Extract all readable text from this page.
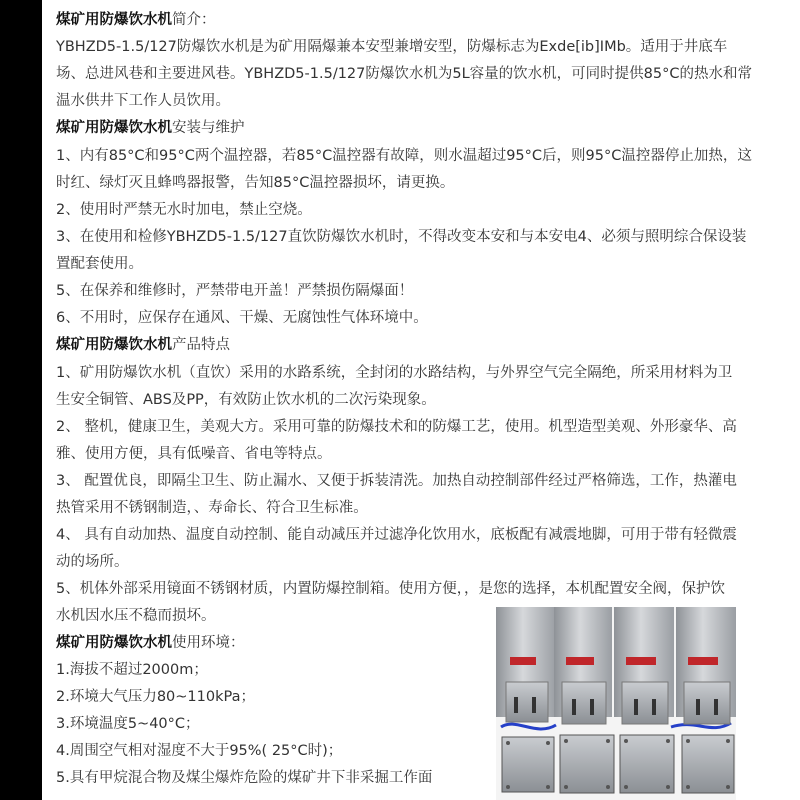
煤矿用防爆饮水机简介：
YBHZD5-1.5/127防爆饮水机是为矿用隔爆兼本安型兼增安型，防爆标志为Exde[ib]IMb。适用于井底车
场、总进风巷和主要进风巷。YBHZD5-1.5/127防爆饮水机为5L容量的饮水机，可同时提供85°C的热水和常
温水供井下工作人员饮用。
煤矿用防爆饮水机安装与维护
1、内有85°C和95°C两个温控器，若85°C温控器有故障，则水温超过95°C后，则95°C温控器停止加热，这
时红、绿灯灭且蜂鸣器报警，告知85°C温控器损坏，请更换。
2、使用时严禁无水时加电，禁止空烧。
3、在使用和检修YBHZD5-1.5/127直饮防爆饮水机时，不得改变本安和与本安电4、必须与照明综合保设装
置配套使用。
5、在保养和维修时，严禁带电开盖！严禁损伤隔爆面！
6、不用时，应保存在通风、干燥、无腐蚀性气体环境中。
煤矿用防爆饮水机产品特点
1、矿用防爆饮水机（直饮）采用的水路系统，全封闭的水路结构，与外界空气完全隔绝，所采用材料为卫
生安全铜管、ABS及PP，有效防止饮水机的二次污染现象。
2、 整机，健康卫生，美观大方。采用可靠的防爆技术和的防爆工艺，使用。机型造型美观、外形豪华、高
雅、使用方便，具有低噪音、省电等特点。
3、 配置优良，即隔尘卫生、防止漏水、又便于拆装清洗。加热自动控制部件经过严格筛选，工作，热灌电
热管采用不锈钢制造，、寿命长、符合卫生标准。
4、 具有自动加热、温度自动控制、能自动减压并过滤净化饮用水，底板配有减震地脚，可用于带有轻微震
动的场所。
5、机体外部采用镜面不锈钢材质，内置防爆控制箱。使用方便，，是您的选择，本机配置安全阀，保护饮
水机因水压不稳而损坏。
煤矿用防爆饮水机使用环境：
1.海拔不超过2000m；
2.环境大气压力80~110kPa；
3.环境温度5~40°C；
4.周围空气相对湿度不大于95%( 25°C时)；
5.具有甲烷混合物及煤尘爆炸危险的煤矿井下非采掘工作面
